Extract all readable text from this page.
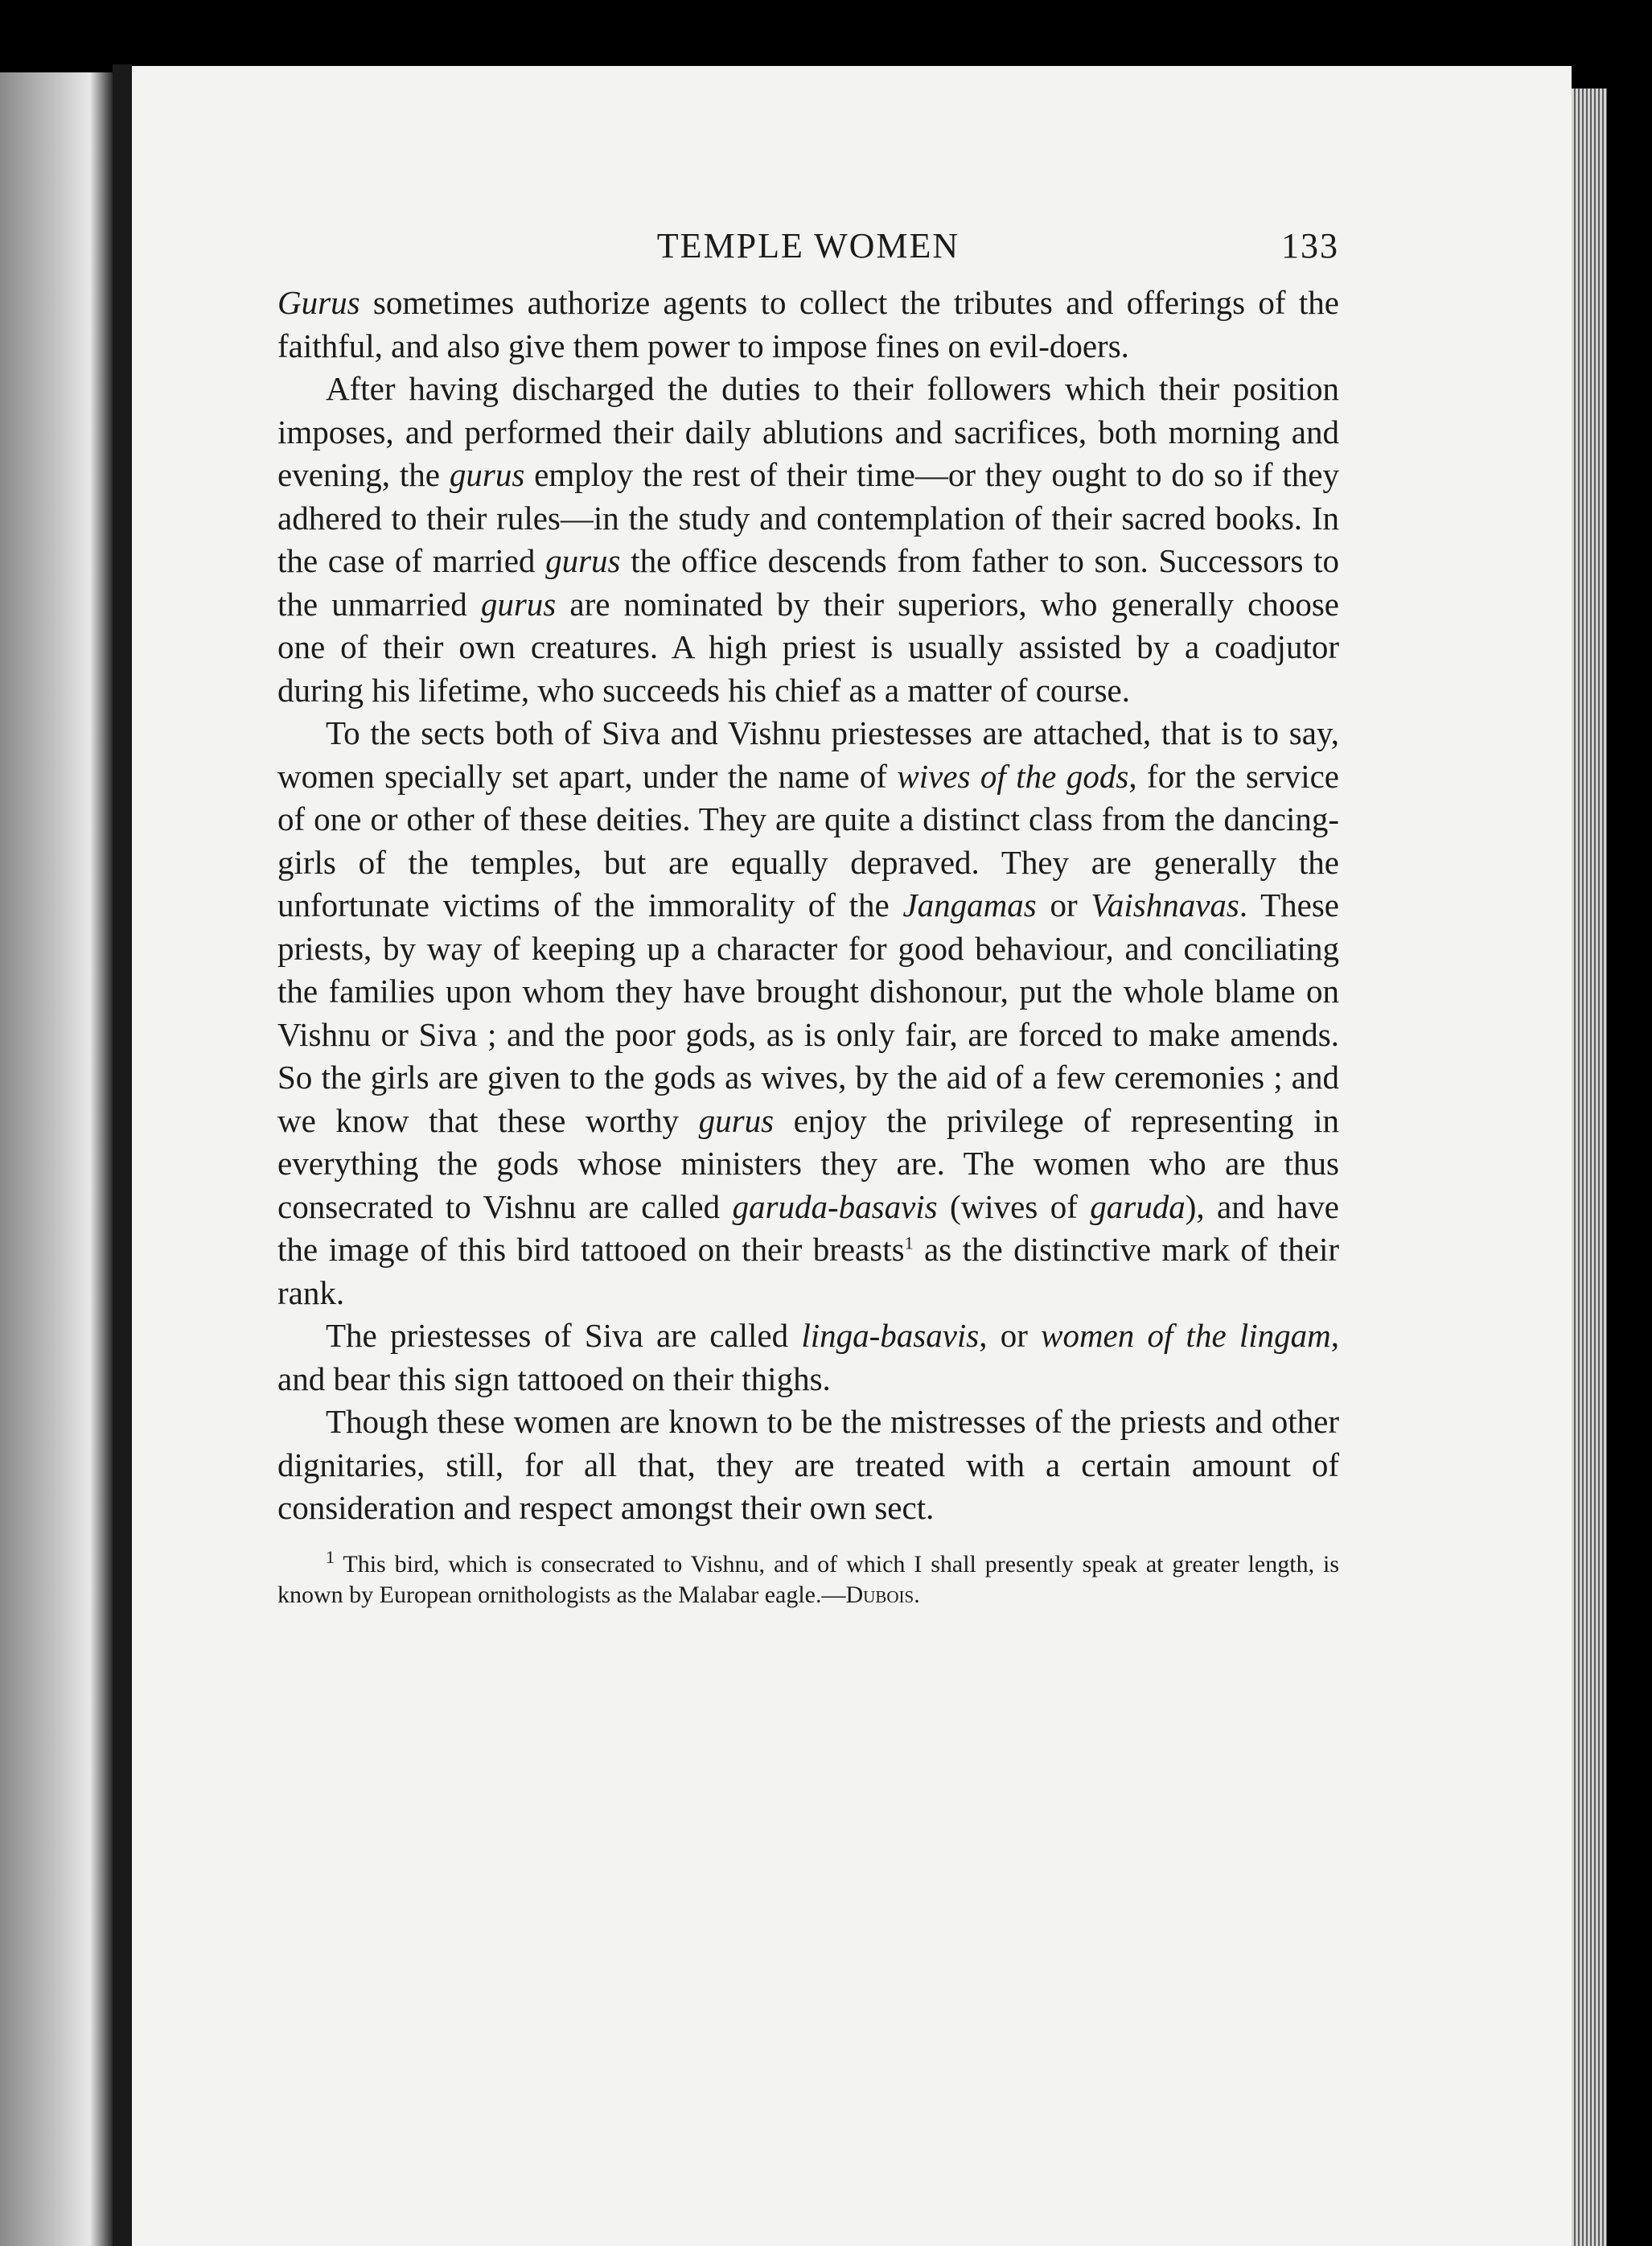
TEMPLE WOMEN	133

Gurus sometimes authorize agents to collect the tributes and offerings of the faithful, and also give them power to impose fines on evil-doers.

After having discharged the duties to their followers which their position imposes, and performed their daily ablutions and sacrifices, both morning and evening, the gurus employ the rest of their time—or they ought to do so if they adhered to their rules—in the study and contemplation of their sacred books. In the case of married gurus the office descends from father to son. Successors to the unmarried gurus are nominated by their superiors, who generally choose one of their own creatures. A high priest is usually assisted by a coadjutor during his lifetime, who succeeds his chief as a matter of course.

To the sects both of Siva and Vishnu priestesses are attached, that is to say, women specially set apart, under the name of wives of the gods, for the service of one or other of these deities. They are quite a distinct class from the dancing-girls of the temples, but are equally depraved. They are generally the unfortunate victims of the immorality of the Jangamas or Vaishnavas. These priests, by way of keeping up a character for good behaviour, and conciliating the families upon whom they have brought dishonour, put the whole blame on Vishnu or Siva ; and the poor gods, as is only fair, are forced to make amends. So the girls are given to the gods as wives, by the aid of a few ceremonies ; and we know that these worthy gurus enjoy the privilege of representing in everything the gods whose ministers they are. The women who are thus consecrated to Vishnu are called garuda-basavis (wives of garuda), and have the image of this bird tattooed on their breasts$^1$ as the distinctive mark of their rank.

The priestesses of Siva are called linga-basavis, or women of the lingam, and bear this sign tattooed on their thighs.

Though these women are known to be the mistresses of the priests and other dignitaries, still, for all that, they are treated with a certain amount of consideration and respect amongst their own sect.

$^1$ This bird, which is consecrated to Vishnu, and of which I shall presently speak at greater length, is known by European ornithologists as the Malabar eagle.—Dubois.
